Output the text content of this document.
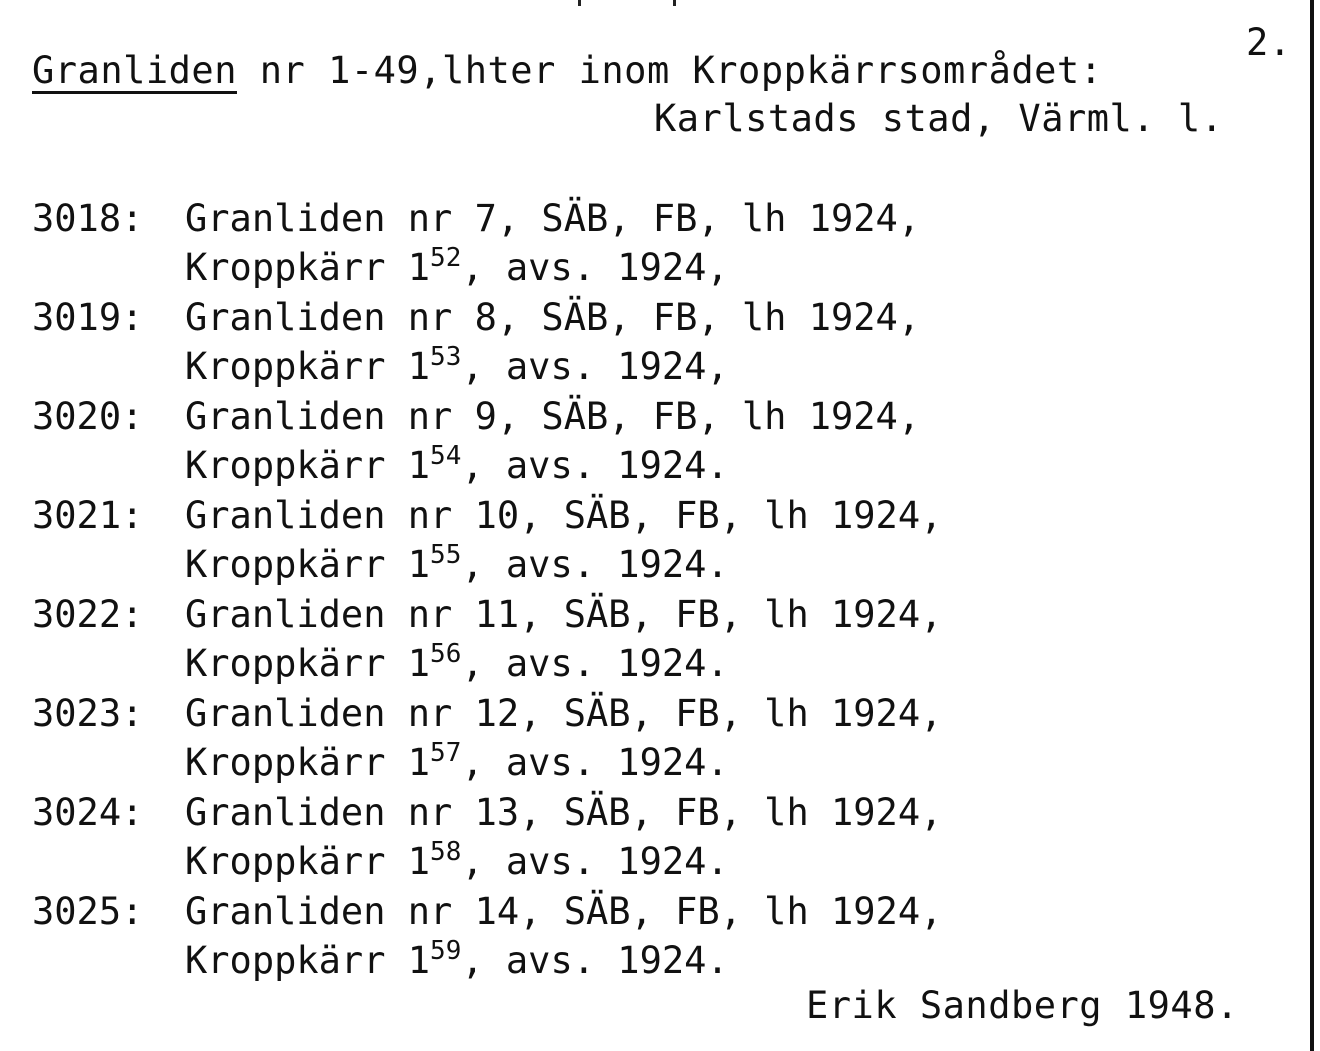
2.
Granliden nr 1-49,lhter inom Kroppkärrsområdet:
Karlstads stad, Värml. l.
3018: Granliden nr 7, SÄB, FB, lh 1924,
Kroppkärr $1^{52}$, avs. 1924,
3019: Granliden nr 8, SÄB, FB, lh 1924,
Kroppkärr $1^{53}$, avs. 1924,
3020: Granliden nr 9, SÄB, FB, lh 1924,
Kroppkärr $1^{54}$, avs. 1924.
3021: Granliden nr 10, SÄB, FB, lh 1924,
Kroppkärr $1^{55}$, avs. 1924.
3022: Granliden nr 11, SÄB, FB, lh 1924,
Kroppkärr $1^{56}$, avs. 1924.
3023: Granliden nr 12, SÄB, FB, lh 1924,
Kroppkärr $1^{57}$, avs. 1924.
3024: Granliden nr 13, SÄB, FB, lh 1924,
Kroppkärr $1^{58}$, avs. 1924.
3025: Granliden nr 14, SÄB, FB, lh 1924,
Kroppkärr $1^{59}$, avs. 1924.
Erik Sandberg 1948.
